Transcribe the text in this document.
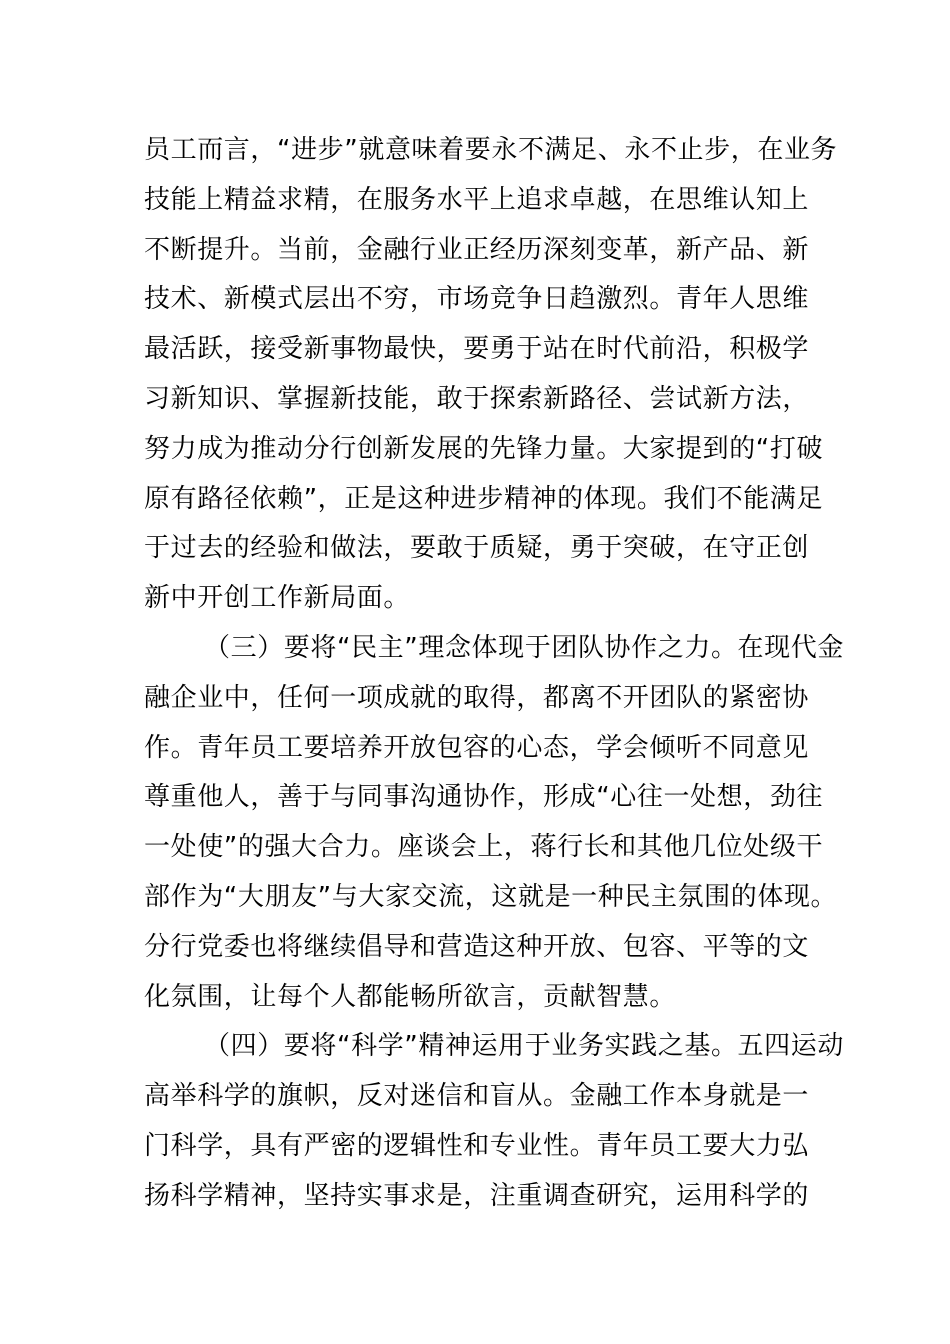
员工而言，“进步”就意味着要永不满足、永不止步，在业务
技能上精益求精，在服务水平上追求卓越，在思维认知上
不断提升。当前，金融行业正经历深刻变革，新产品、新
技术、新模式层出不穷，市场竞争日趋激烈。青年人思维
最活跃，接受新事物最快，要勇于站在时代前沿，积极学
习新知识、掌握新技能，敢于探索新路径、尝试新方法，
努力成为推动分行创新发展的先锋力量。大家提到的“打破
原有路径依赖”，正是这种进步精神的体现。我们不能满足
于过去的经验和做法，要敢于质疑，勇于突破，在守正创
新中开创工作新局面。
（三）要将“民主”理念体现于团队协作之力。在现代金
融企业中，任何一项成就的取得，都离不开团队的紧密协
作。青年员工要培养开放包容的心态，学会倾听不同意见
尊重他人，善于与同事沟通协作，形成“心往一处想，劲往
一处使”的强大合力。座谈会上，蒋行长和其他几位处级干
部作为“大朋友”与大家交流，这就是一种民主氛围的体现。
分行党委也将继续倡导和营造这种开放、包容、平等的文
化氛围，让每个人都能畅所欲言，贡献智慧。
（四）要将“科学”精神运用于业务实践之基。五四运动
高举科学的旗帜，反对迷信和盲从。金融工作本身就是一
门科学，具有严密的逻辑性和专业性。青年员工要大力弘
扬科学精神，坚持实事求是，注重调查研究，运用科学的
